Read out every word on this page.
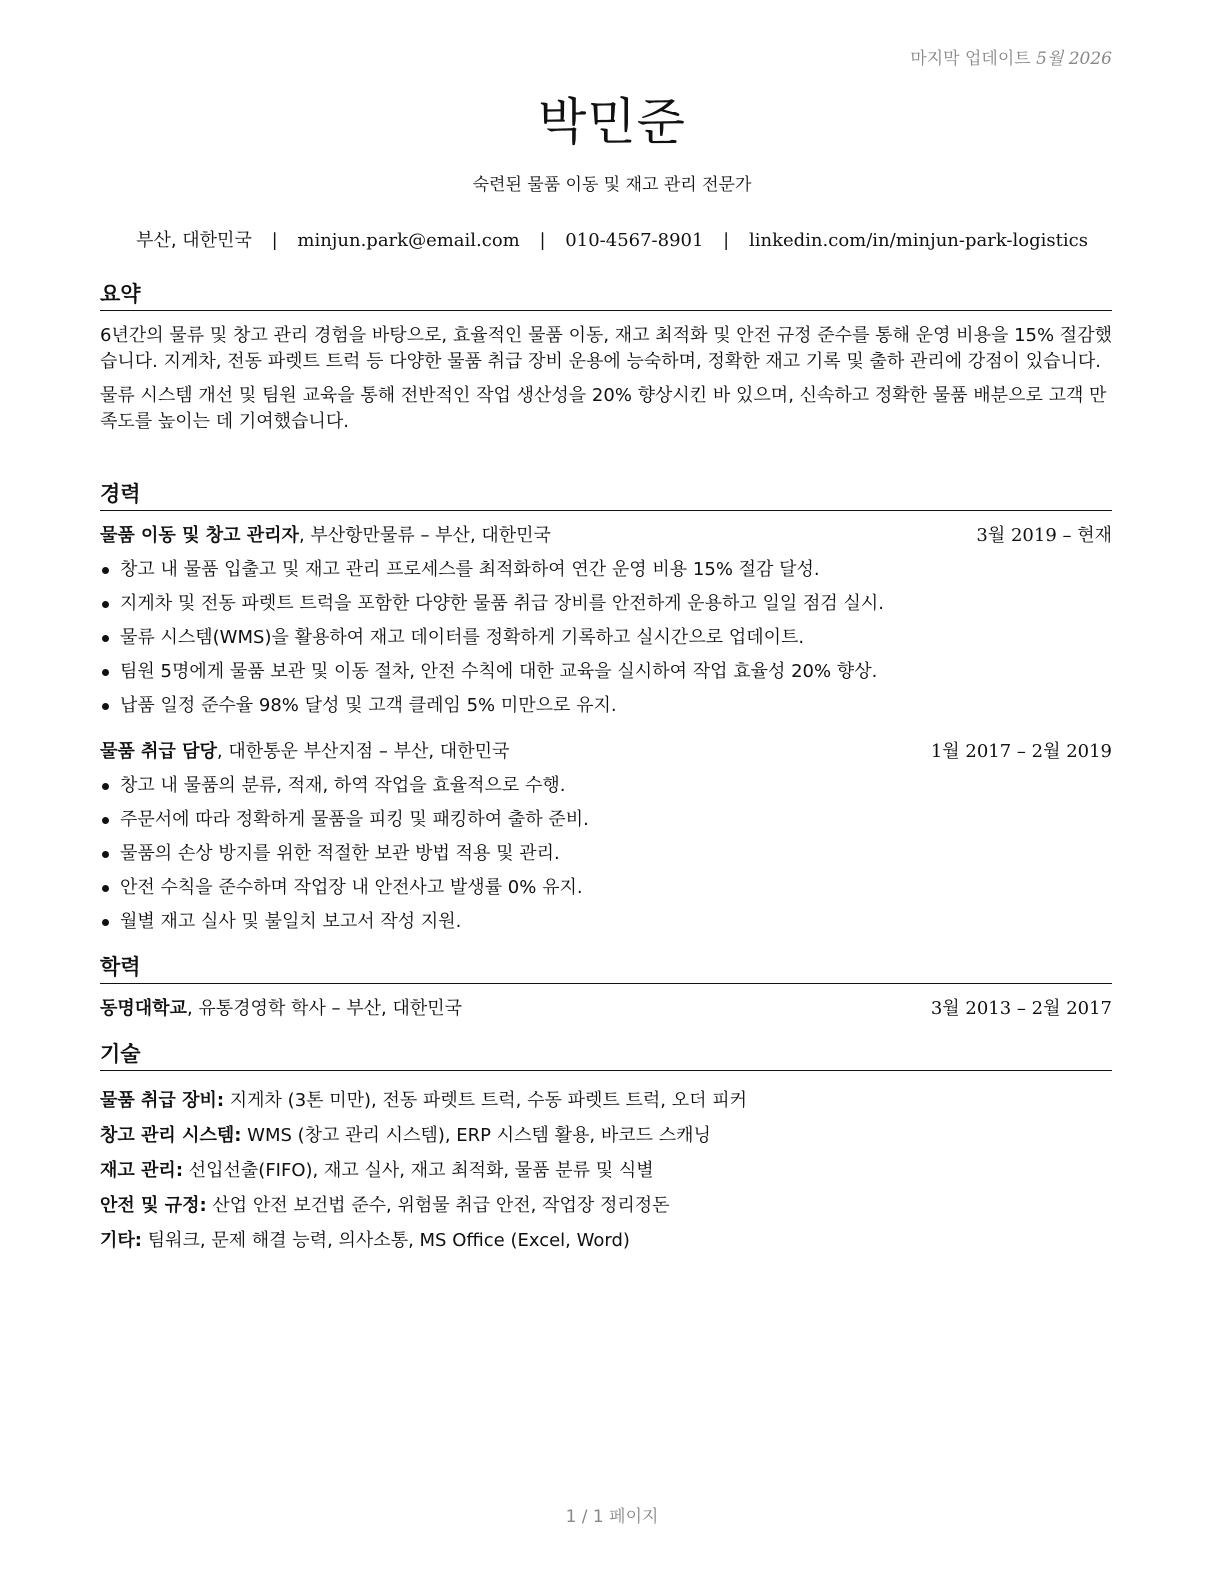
마지막 업데이트 5월 2026
박민준
숙련된 물품 이동 및 재고 관리 전문가
부산, 대한민국 | minjun.park@email.com | 010-4567-8901 | linkedin.com/in/minjun-park-logistics
요약

6년간의 물류 및 창고 관리 경험을 바탕으로, 효율적인 물품 이동, 재고 최적화 및 안전 규정 준수를 통해 운영 비용을 15% 절감했습니다. 지게차, 전동 파렛트 트럭 등 다양한 물품 취급 장비 운용에 능숙하며, 정확한 재고 기록 및 출하 관리에 강점이 있습니다.

물류 시스템 개선 및 팀원 교육을 통해 전반적인 작업 생산성을 20% 향상시킨 바 있으며, 신속하고 정확한 물품 배분으로 고객 만족도를 높이는 데 기여했습니다.

경력
물품 이동 및 창고 관리자, 부산항만물류 – 부산, 대한민국	3월 2019 – 현재
창고 내 물품 입출고 및 재고 관리 프로세스를 최적화하여 연간 운영 비용 15% 절감 달성.
지게차 및 전동 파렛트 트럭을 포함한 다양한 물품 취급 장비를 안전하게 운용하고 일일 점검 실시.
물류 시스템(WMS)을 활용하여 재고 데이터를 정확하게 기록하고 실시간으로 업데이트.
팀원 5명에게 물품 보관 및 이동 절차, 안전 수칙에 대한 교육을 실시하여 작업 효율성 20% 향상.
납품 일정 준수율 98% 달성 및 고객 클레임 5% 미만으로 유지.
물품 취급 담당, 대한통운 부산지점 – 부산, 대한민국	1월 2017 – 2월 2019
창고 내 물품의 분류, 적재, 하역 작업을 효율적으로 수행.
주문서에 따라 정확하게 물품을 피킹 및 패킹하여 출하 준비.
물품의 손상 방지를 위한 적절한 보관 방법 적용 및 관리.
안전 수칙을 준수하며 작업장 내 안전사고 발생률 0% 유지.
월별 재고 실사 및 불일치 보고서 작성 지원.
학력
동명대학교, 유통경영학 학사 – 부산, 대한민국	3월 2013 – 2월 2017
기술
물품 취급 장비: 지게차 (3톤 미만), 전동 파렛트 트럭, 수동 파렛트 트럭, 오더 피커
창고 관리 시스템: WMS (창고 관리 시스템), ERP 시스템 활용, 바코드 스캐닝
재고 관리: 선입선출(FIFO), 재고 실사, 재고 최적화, 물품 분류 및 식별
안전 및 규정: 산업 안전 보건법 준수, 위험물 취급 안전, 작업장 정리정돈
기타: 팀워크, 문제 해결 능력, 의사소통, MS Office (Excel, Word)
1 / 1 페이지
